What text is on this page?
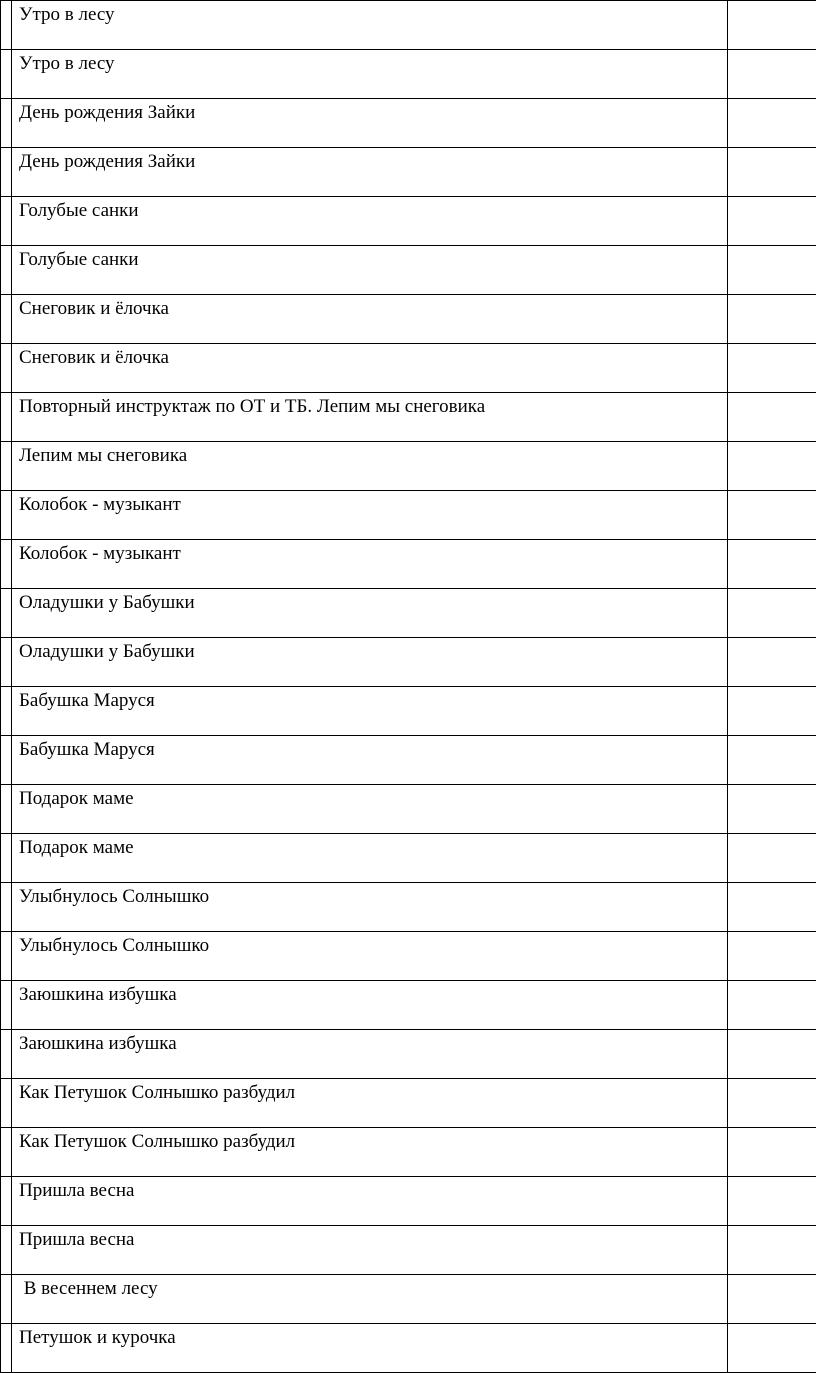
	Утро в лесу	
	Утро в лесу	
	День рождения Зайки	
	День рождения Зайки	
	Голубые санки	
	Голубые санки	
	Снеговик и ёлочка	
	Снеговик и ёлочка	
	Повторный инструктаж по ОТ и ТБ. Лепим мы снеговика	
	Лепим мы снеговика	
	Колобок - музыкант	
	Колобок - музыкант	
	Оладушки у Бабушки	
	Оладушки у Бабушки	
	Бабушка Маруся	
	Бабушка Маруся	
	Подарок маме	
	Подарок маме	
	Улыбнулось Солнышко	
	Улыбнулось Солнышко	
	Заюшкина избушка	
	Заюшкина избушка	
	Как Петушок Солнышко разбудил	
	Как Петушок Солнышко разбудил	
	Пришла весна	
	Пришла весна	
	В весеннем лесу	
	Петушок и курочка	
